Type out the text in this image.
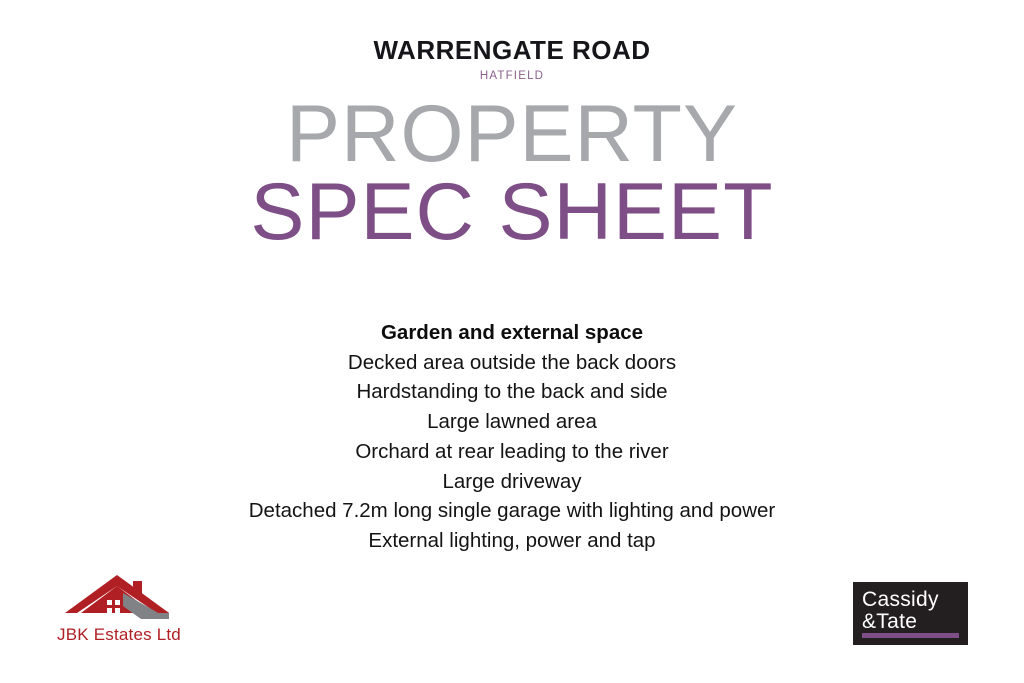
WARRENGATE ROAD
HATFIELD
PROPERTY
SPEC SHEET
Garden and external space
Decked area outside the back doors
Hardstanding to the back and side
Large lawned area
Orchard at rear leading to the river
Large driveway
Detached 7.2m long single garage with lighting and power
External lighting, power and tap
JBK Estates Ltd
Cassidy
&Tate
